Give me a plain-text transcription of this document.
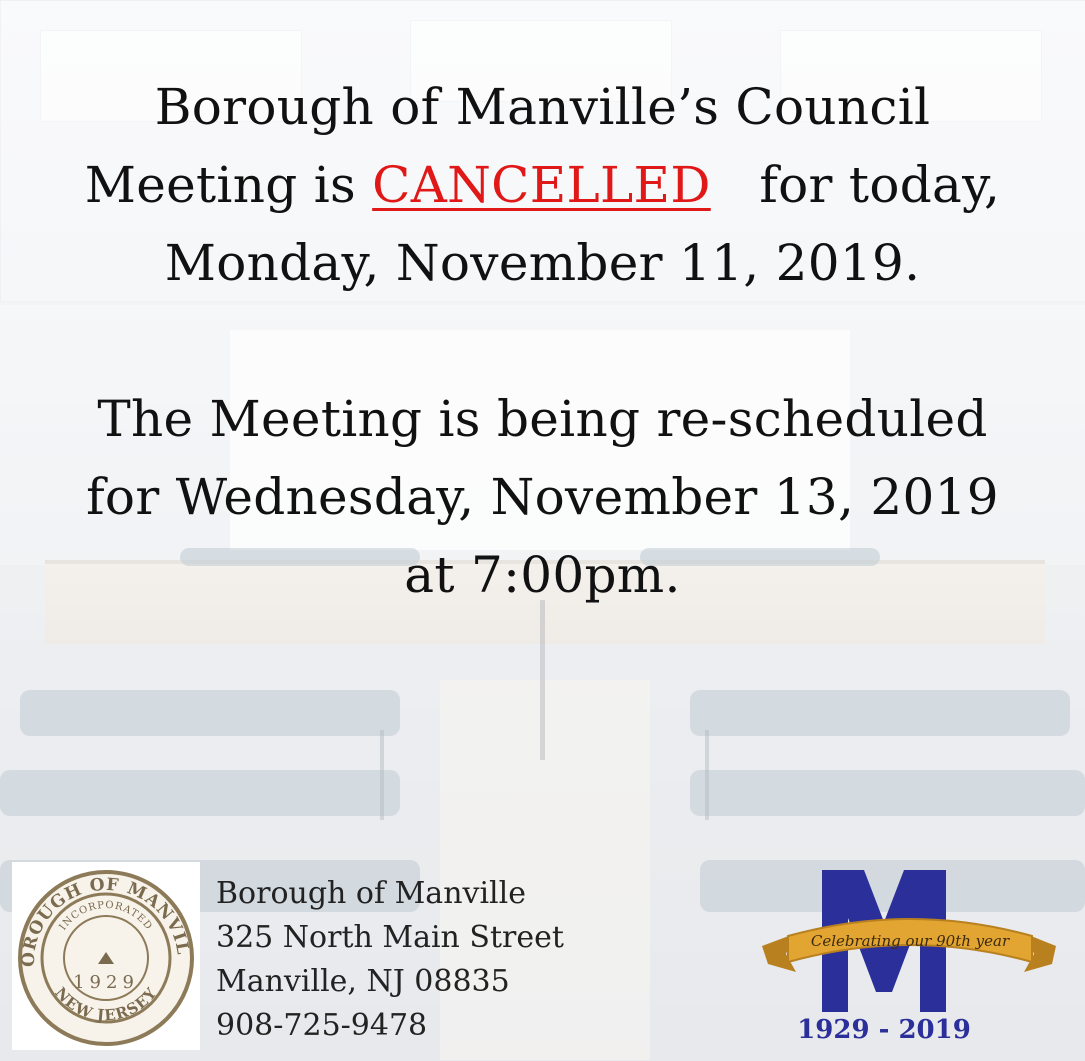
Borough of Manville’s Council
Meeting is CANCELLED for today,
Monday, November 11, 2019.
The Meeting is being re-scheduled
for Wednesday, November 13, 2019
at 7:00pm.
OROUGH OF MANVIL
INCORPORATED
1929
NEW JERSEY
Borough of Manville
325 North Main Street
Manville, NJ 08835
908-725-9478
Celebrating our 90th year
1929 - 2019
